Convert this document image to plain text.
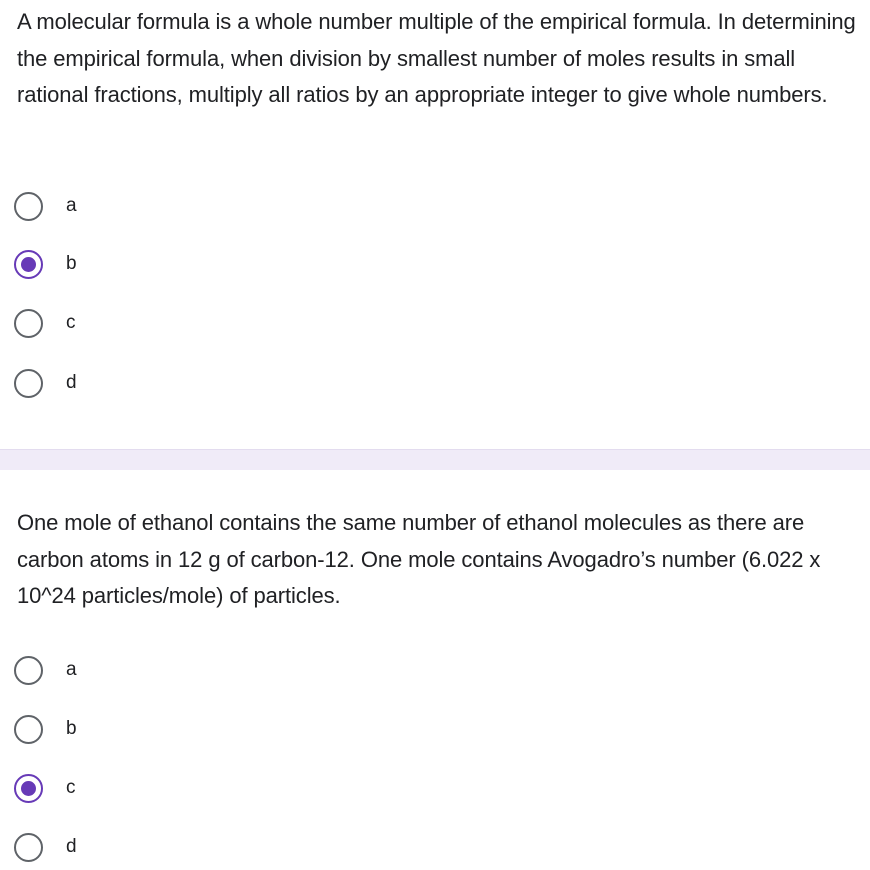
A molecular formula is a whole number multiple of the empirical formula. In determining the empirical formula, when division by smallest number of moles results in small rational fractions, multiply all ratios by an appropriate integer to give whole numbers.

a
b
c
d

One mole of ethanol contains the same number of ethanol molecules as there are carbon atoms in 12 g of carbon-12. One mole contains Avogadro’s number (6.022 x 10^24 particles/mole) of particles.

a
b
c
d
